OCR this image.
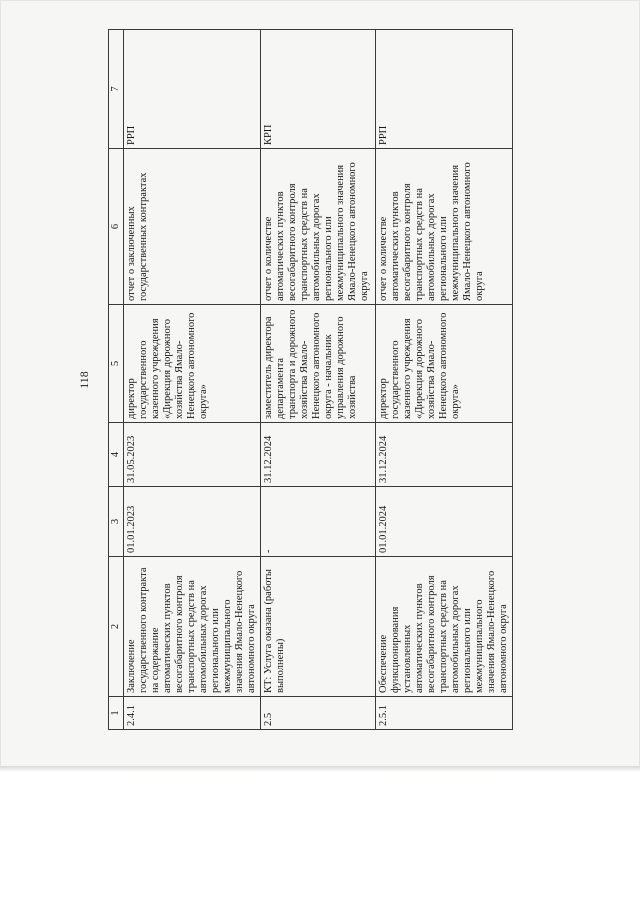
118
1	2	3	4	5	6	7
2.4.1	Заключение государственного контракта на содержание автоматических пунктов весогабаритного контроля транспортных средств на автомобильных дорогах регионального или межмуниципального значения Ямало-Ненецкого автономного округа	01.01.2023	31.05.2023	директор государственного казенного учреждения «Дирекция дорожного хозяйства Ямало-Ненецкого автономного округа»	отчет о заключенных государственных контрактах	РРП
2.5	КТ: Услуга оказана (работы выполнены)	-	31.12.2024	заместитель директора департамента транспорта и дорожного хозяйства Ямало-Ненецкого автономного округа - начальник управления дорожного хозяйства	отчет о количестве автоматических пунктов весогабаритного контроля транспортных средств на автомобильных дорогах регионального или межмуниципального значения Ямало-Ненецкого автономного округа	КРП
2.5.1	Обеспечение функционирования установленных автоматических пунктов весогабаритного контроля транспортных средств на автомобильных дорогах регионального или межмуниципального значения Ямало-Ненецкого автономного округа	01.01.2024	31.12.2024	директор государственного казенного учреждения «Дирекция дорожного хозяйства Ямало-Ненецкого автономного округа»	отчет о количестве автоматических пунктов весогабаритного контроля транспортных средств на автомобильных дорогах регионального или межмуниципального значения Ямало-Ненецкого автономного округа	РРП
